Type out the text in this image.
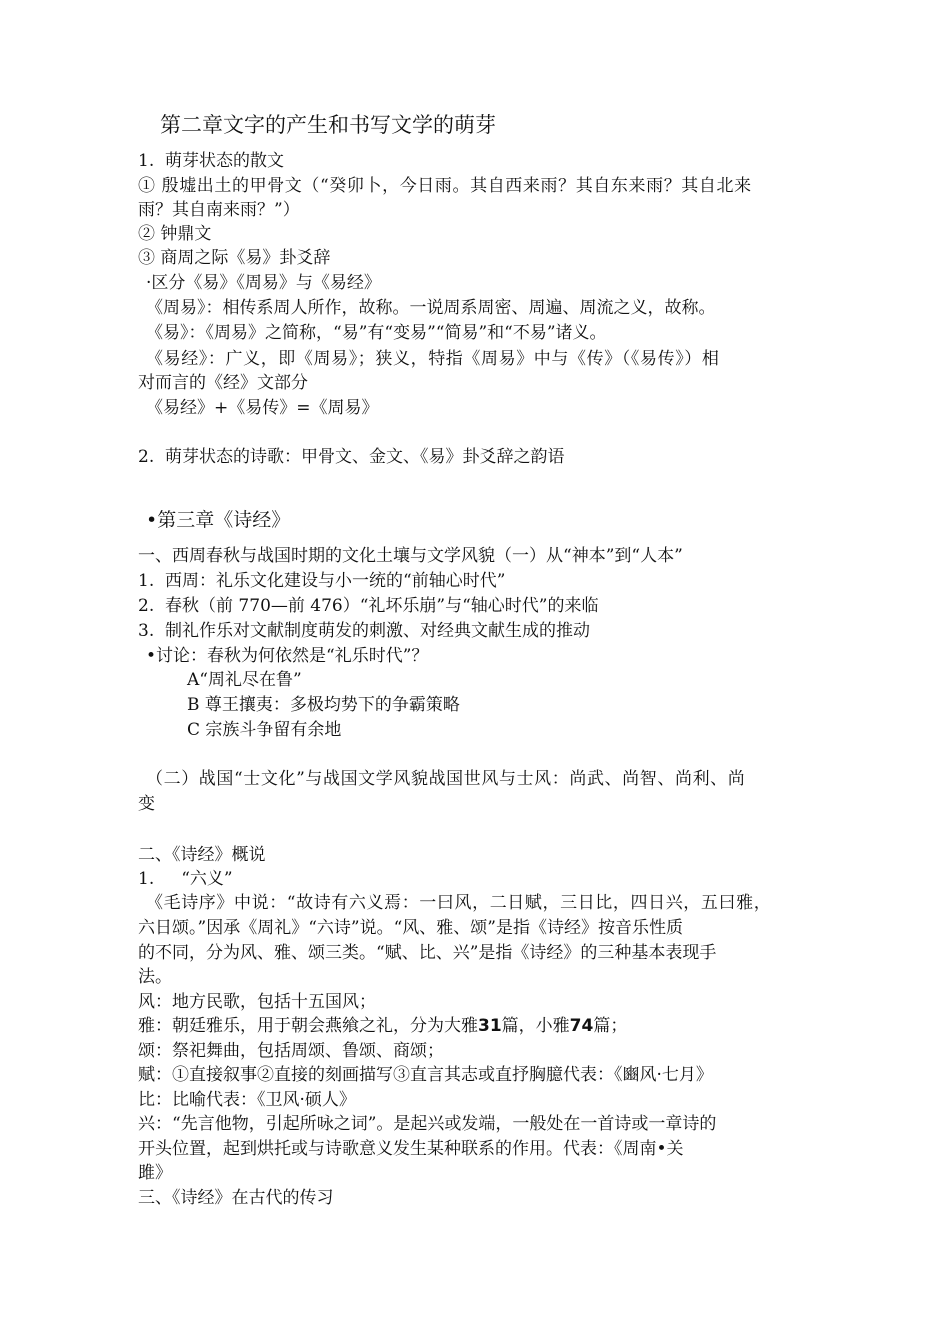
第二章文字的产生和书写文学的萌芽
1.  萌芽状态的散文
① 殷墟出土的甲骨文（“癸卯卜，今日雨。其自西来雨？其自东来雨？其自北来
雨？其自南来雨？”）
② 钟鼎文
③ 商周之际《易》卦爻辞
·区分《易》《周易》与《易经》
《周易》：相传系周人所作，故称。一说周系周密、周遍、周流之义，故称。
《易》：《周易》之简称，“易”有“变易”“简易”和“不易”诸义。
《易经》：广义，即《周易》；狭义，特指《周易》中与《传》（《易传》）相
对而言的《经》文部分
《易经》+《易传》=《周易》
2.  萌芽状态的诗歌：甲骨文、金文、《易》卦爻辞之韵语
•第三章《诗经》
一、西周春秋与战国时期的文化土壤与文学风貌（一）从“神本”到“人本”
1.  西周：礼乐文化建设与小一统的“前轴心时代”
2.  春秋（前 770—前 476）“礼坏乐崩”与“轴心时代”的来临
3.  制礼作乐对文献制度萌发的刺激、对经典文献生成的推动
•讨论：春秋为何依然是“礼乐时代”？
A“周礼尽在鲁”
B 尊王攘夷：多极均势下的争霸策略
C 宗族斗争留有余地
（二）战国“士文化”与战国文学风貌战国世风与士风：尚武、尚智、尚利、尚
变
二、《诗经》概说
1.     “六义”
《毛诗序》中说：“故诗有六义焉：一曰风，二日赋，三日比，四日兴，五曰雅，
六日颂。”因承《周礼》“六诗”说。“风、雅、颂”是指《诗经》按音乐性质
的不同，分为风、雅、颂三类。“赋、比、兴”是指《诗经》的三种基本表现手
法。
风：地方民歌，包括十五国风；
雅：朝廷雅乐，用于朝会燕飨之礼，分为大雅31篇，小雅74篇；
颂：祭祀舞曲，包括周颂、鲁颂、商颂；
赋：①直接叙事②直接的刻画描写③直言其志或直抒胸臆代表：《豳风·七月》
比：比喻代表：《卫风·硕人》
兴：“先言他物，引起所咏之词”。是起兴或发端，一般处在一首诗或一章诗的
开头位置，起到烘托或与诗歌意义发生某种联系的作用。代表：《周南•关
雎》
三、《诗经》在古代的传习
